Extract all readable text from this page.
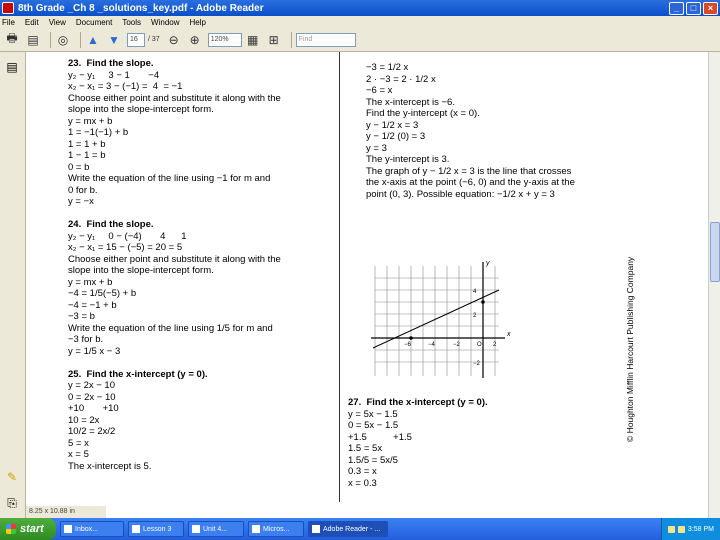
8th Grade _Ch 8 _solutions_key.pdf - Adobe Reader	_	□	×
File Edit View Document Tools Window Help
🖶 ▤ ◎ ▲ ▼	16	/ 37 ⊖ ⊕	120%	▦ ⊞	Find
▤
✎
⎘
23.  Find the slope.
y₂ − y₁     3 − 1       −4
x₂ − x₁ = 3 − (−1) =  4  = −1
Choose either point and substitute it along with the
slope into the slope-intercept form.
y = mx + b
1 = −1(−1) + b
1 = 1 + b
1 − 1 = b
0 = b
Write the equation of the line using −1 for m and
0 for b.
y = −x
24.  Find the slope.
y₂ − y₁     0 − (−4)       4      1
x₂ − x₁ = 15 − (−5) = 20 = 5
Choose either point and substitute it along with the
slope into the slope-intercept form.
y = mx + b
−4 = 1/5(−5) + b
−4 = −1 + b
−3 = b
Write the equation of the line using 1/5 for m and
−3 for b.
y = 1/5 x − 3
25.  Find the x-intercept (y = 0).
y = 2x − 10
0 = 2x − 10
+10       +10
10 = 2x
10/2 = 2x/2
5 = x
x = 5
The x-intercept is 5.
−3 = 1/2 x
2 · −3 = 2 · 1/2 x
−6 = x
The x-intercept is −6.
Find the y-intercept (x = 0).
y − 1/2 x = 3
y − 1/2 (0) = 3
y = 3
The y-intercept is 3.
The graph of y − 1/2 x = 3 is the line that crosses
the x-axis at the point (−6, 0) and the y-axis at the
point (0, 3). Possible equation: −1/2 x + y = 3
27.  Find the x-intercept (y = 0).
y = 5x − 1.5
0 = 5x − 1.5
+1.5          +1.5
1.5 = 5x
1.5/5 = 5x/5
0.3 = x
x = 0.3
x
y
−6	−4	−2	O 2
4
2
−2	© Houghton Mifflin Harcourt Publishing Company
8.25 x 10.88 in
start	Inbox...	Lesson 3	Unit 4...	Micros...	Adobe Reader - ...	3:58 PM
